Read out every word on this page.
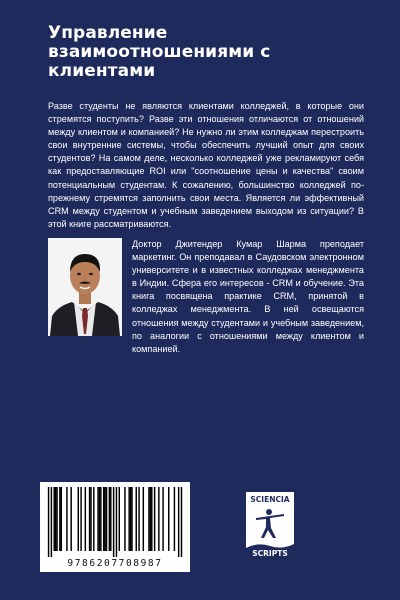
Управление
взаимоотношениями с
клиентами
Разве студенты не являются клиентами колледжей, в которые они стремятся поступить? Разве эти отношения отличаются от отношений между клиентом и компанией? Не нужно ли этим колледжам перестроить свои внутренние системы, чтобы обеспечить лучший опыт для своих студентов? На самом деле, несколько колледжей уже рекламируют себя как предоставляющие ROI или "соотношение цены и качества" своим потенциальным студентам. К сожалению, большинство колледжей по-прежнему стремятся заполнить свои места. Является ли эффективный CRM между студентом и учебным заведением выходом из ситуации? В этой книге рассматриваются.
Доктор Джитендер Кумар Шарма преподает маркетинг. Он преподавал в Саудовском электронном университете и в известных колледжах менеджмента в Индии. Сфера его интересов - CRM и обучение. Эта книга посвящена практике CRM, принятой в колледжах менеджмента. В ней освещаются отношения между студентами и учебным заведением, по аналогии с отношениями между клиентом и компанией.
9786207708987
SCIENCIA
SCRIPTS
